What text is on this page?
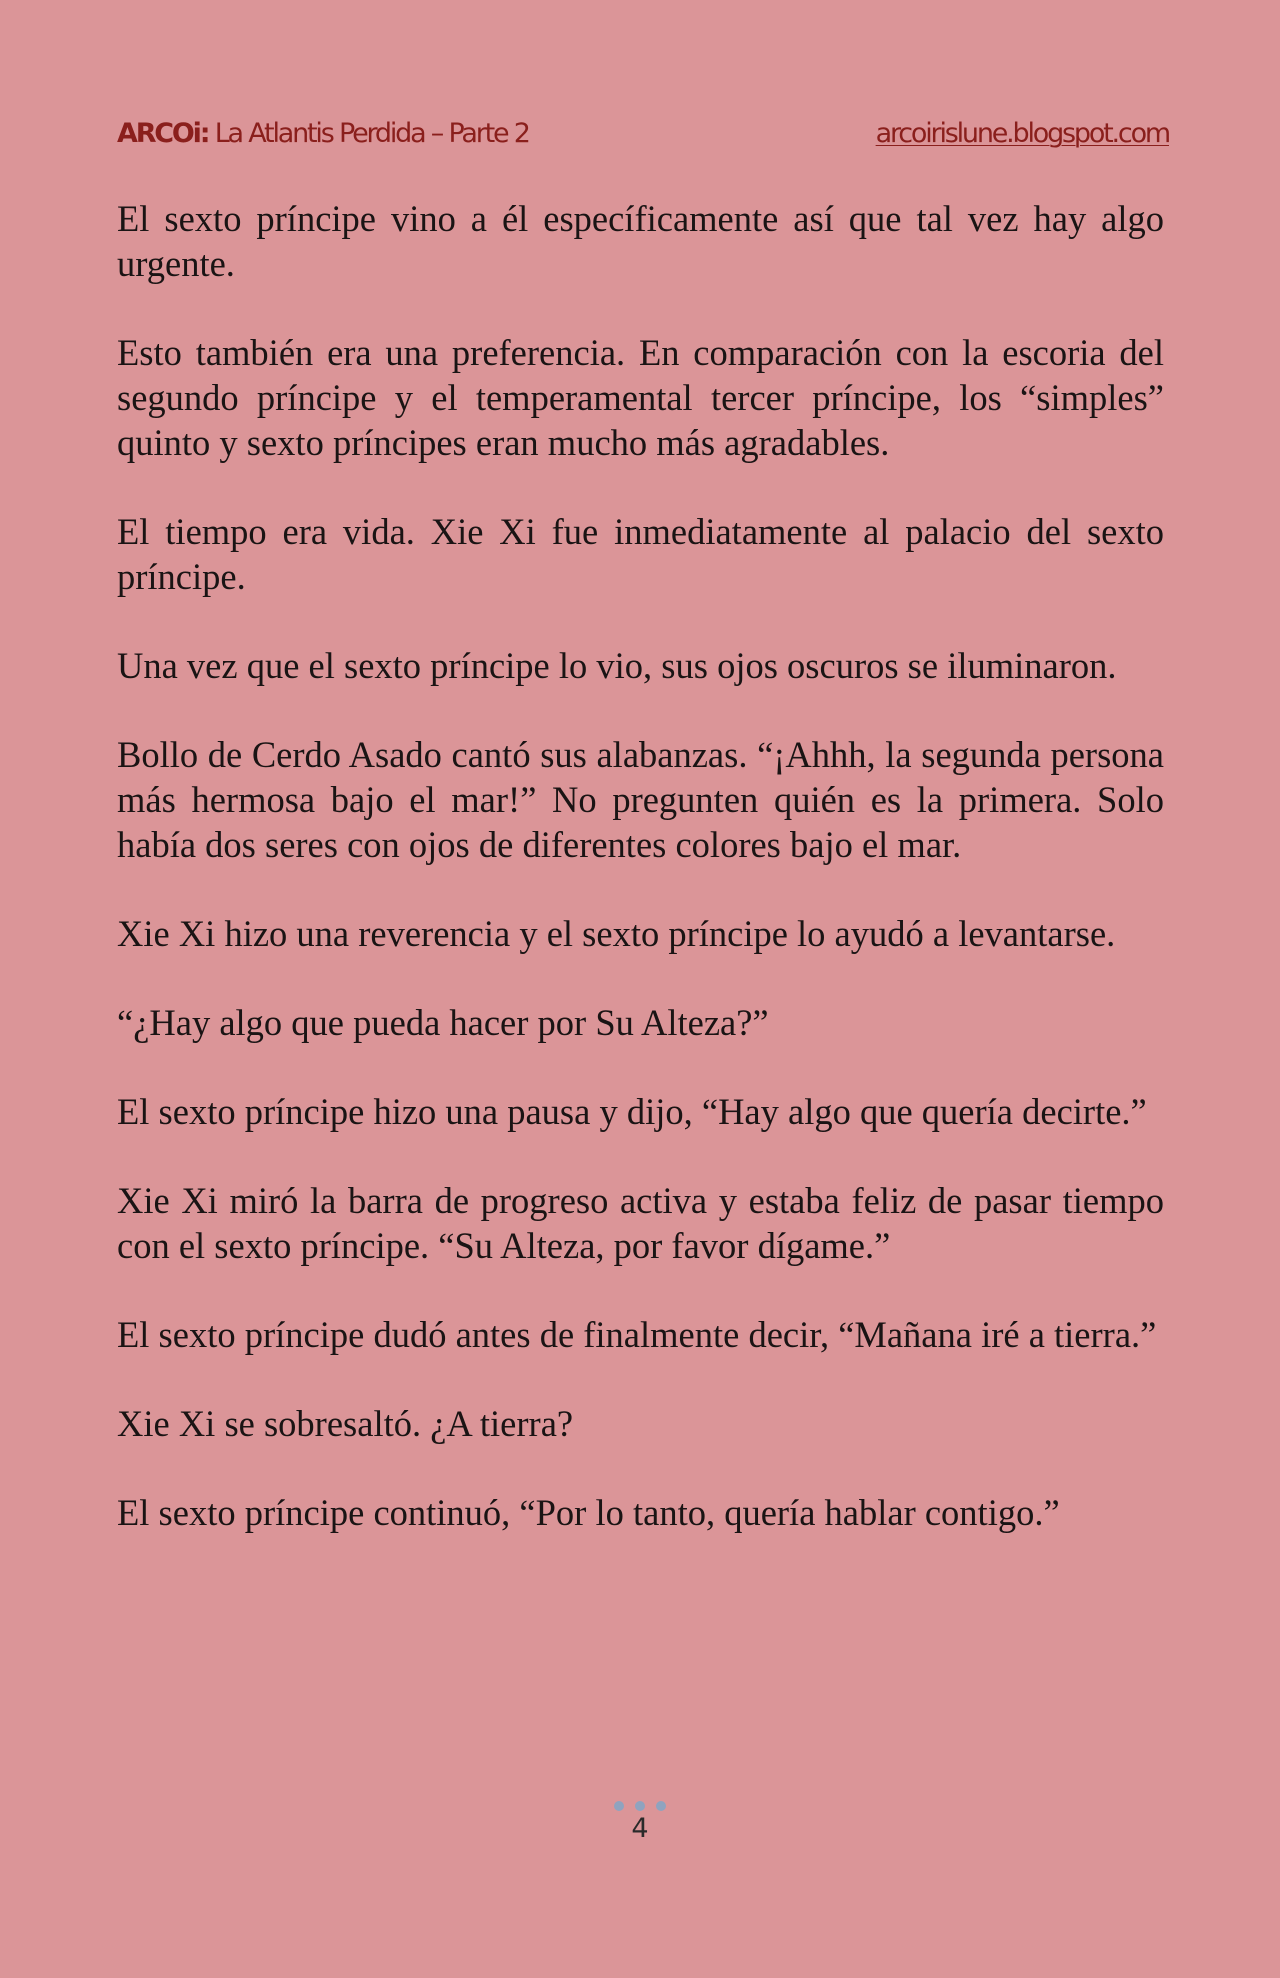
ARCOi: La Atlantis Perdida – Parte 2	arcoirislune.blogspot.com

El sexto príncipe vino a él específicamente así que tal vez hay algo urgente.

Esto también era una preferencia. En comparación con la escoria del segundo príncipe y el temperamental tercer príncipe, los “simples” quinto y sexto príncipes eran mucho más agradables.

El tiempo era vida. Xie Xi fue inmediatamente al palacio del sexto príncipe.

Una vez que el sexto príncipe lo vio, sus ojos oscuros se iluminaron.

Bollo de Cerdo Asado cantó sus alabanzas. “¡Ahhh, la segunda persona más hermosa bajo el mar!” No pregunten quién es la primera. Solo había dos seres con ojos de diferentes colores bajo el mar.

Xie Xi hizo una reverencia y el sexto príncipe lo ayudó a levantarse.

“¿Hay algo que pueda hacer por Su Alteza?”

El sexto príncipe hizo una pausa y dijo, “Hay algo que quería decirte.”

Xie Xi miró la barra de progreso activa y estaba feliz de pasar tiempo con el sexto príncipe. “Su Alteza, por favor dígame.”

El sexto príncipe dudó antes de finalmente decir, “Mañana iré a tierra.”

Xie Xi se sobresaltó. ¿A tierra?

El sexto príncipe continuó, “Por lo tanto, quería hablar contigo.”

4
